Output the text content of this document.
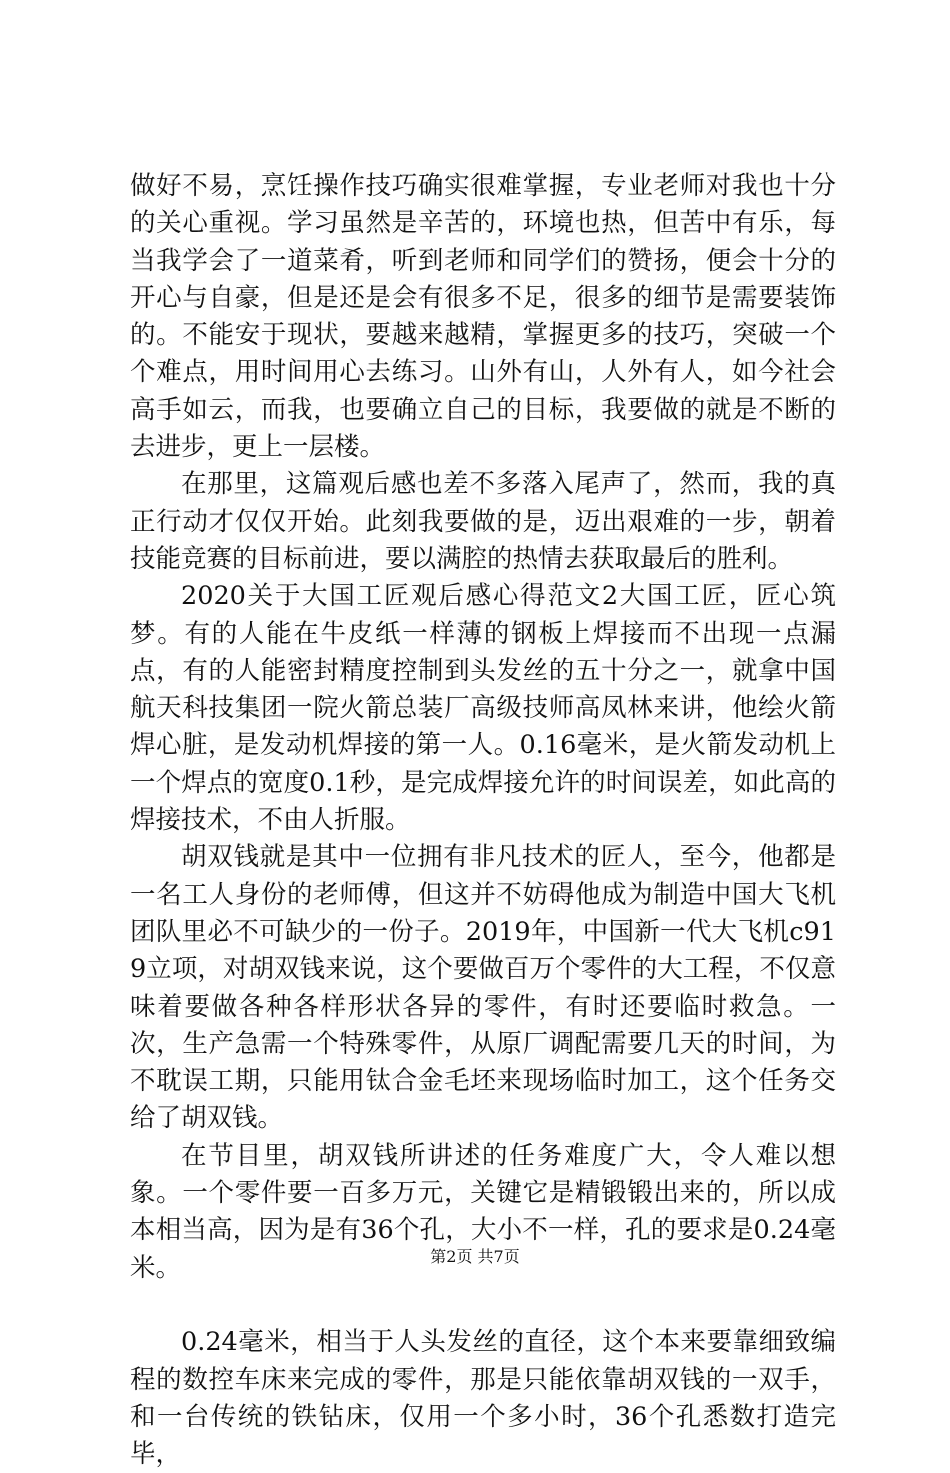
做好不易，烹饪操作技巧确实很难掌握，专业老师对我也十分的关心重视。学习虽然是辛苦的，环境也热，但苦中有乐，每当我学会了一道菜肴，听到老师和同学们的赞扬，便会十分的开心与自豪，但是还是会有很多不足，很多的细节是需要装饰的。不能安于现状，要越来越精，掌握更多的技巧，突破一个个难点，用时间用心去练习。山外有山，人外有人，如今社会高手如云，而我，也要确立自己的目标，我要做的就是不断的去进步，更上一层楼。

在那里，这篇观后感也差不多落入尾声了，然而，我的真正行动才仅仅开始。此刻我要做的是，迈出艰难的一步，朝着技能竞赛的目标前进，要以满腔的热情去获取最后的胜利。

2020关于大国工匠观后感心得范文2大国工匠，匠心筑梦。有的人能在牛皮纸一样薄的钢板上焊接而不出现一点漏点，有的人能密封精度控制到头发丝的五十分之一，就拿中国航天科技集团一院火箭总装厂高级技师高凤林来讲，他绘火箭焊心脏，是发动机焊接的第一人。0.16毫米，是火箭发动机上一个焊点的宽度0.1秒，是完成焊接允许的时间误差，如此高的焊接技术，不由人折服。

胡双钱就是其中一位拥有非凡技术的匠人，至今，他都是一名工人身份的老师傅，但这并不妨碍他成为制造中国大飞机团队里必不可缺少的一份子。2019年，中国新一代大飞机c919立项，对胡双钱来说，这个要做百万个零件的大工程，不仅意味着要做各种各样形状各异的零件，有时还要临时救急。一次，生产急需一个特殊零件，从原厂调配需要几天的时间，为不耽误工期，只能用钛合金毛坯来现场临时加工，这个任务交给了胡双钱。

在节目里，胡双钱所讲述的任务难度广大，令人难以想象。一个零件要一百多万元，关键它是精锻锻出来的，所以成本相当高，因为是有36个孔，大小不一样，孔的要求是0.24毫米。

0.24毫米，相当于人头发丝的直径，这个本来要靠细致编程的数控车床来完成的零件，那是只能依靠胡双钱的一双手，和一台传统的铁钻床，仅用一个多小时，36个孔悉数打造完毕，

第2页 共7页
